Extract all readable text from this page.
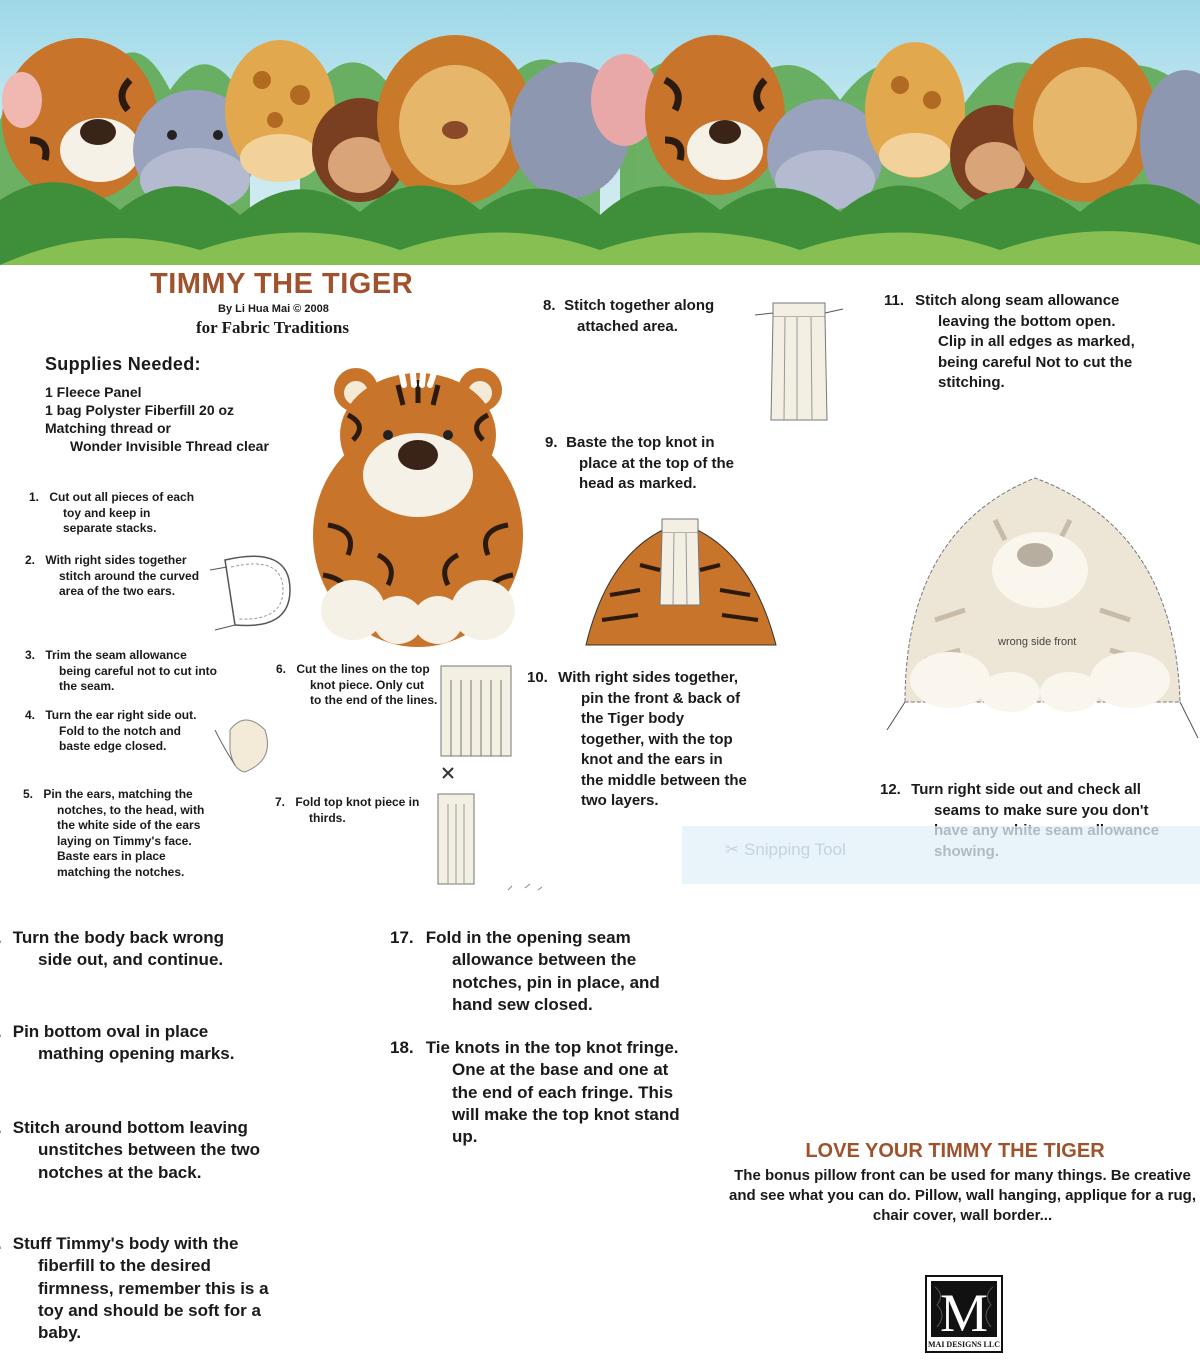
TIMMY THE TIGER
By Li Hua Mai © 2008
for Fabric Traditions
Supplies Needed:
1 Fleece Panel
1 bag Polyster Fiberfill 20 oz
Matching thread or
Wonder Invisible Thread clear
1. Cut out all pieces of each toy and keep in separate stacks.
2. With right sides together stitch around the curved area of the two ears.
3. Trim the seam allowance being careful not to cut into the seam.
4. Turn the ear right side out. Fold to the notch and baste edge closed.
5. Pin the ears, matching the notches, to the head, with the white side of the ears laying on Timmy's face. Baste ears in place matching the notches.
6. Cut the lines on the top knot piece. Only cut to the end of the lines.
7. Fold top knot piece in thirds.
8. Stitch together along attached area.
9. Baste the top knot in place at the top of the head as marked.
10. With right sides together, pin the front & back of the Tiger body together, with the top knot and the ears in the middle between the two layers.
11. Stitch along seam allowance leaving the bottom open. Clip in all edges as marked, being careful Not to cut the stitching.
wrong side front
12. Turn right side out and check all seams to make sure you don't
✂ Snipping Tool
Turn the body back wrong side out, and continue.
Pin bottom oval in place mathing opening marks.
Stitch around bottom leaving unstitches between the two notches at the back.
Stuff Timmy's body with the fiberfill to the desired firmness, remember this is a toy and should be soft for a baby.
17. Fold in the opening seam allowance between the notches, pin in place, and hand sew closed.
18. Tie knots in the top knot fringe. One at the base and one at the end of each fringe. This will make the top knot stand up.
LOVE YOUR TIMMY THE TIGER
The bonus pillow front can be used for many things. Be creative and see what you can do. Pillow, wall hanging, applique for a rug, chair cover, wall border...
M
MAI DESIGNS LLC
